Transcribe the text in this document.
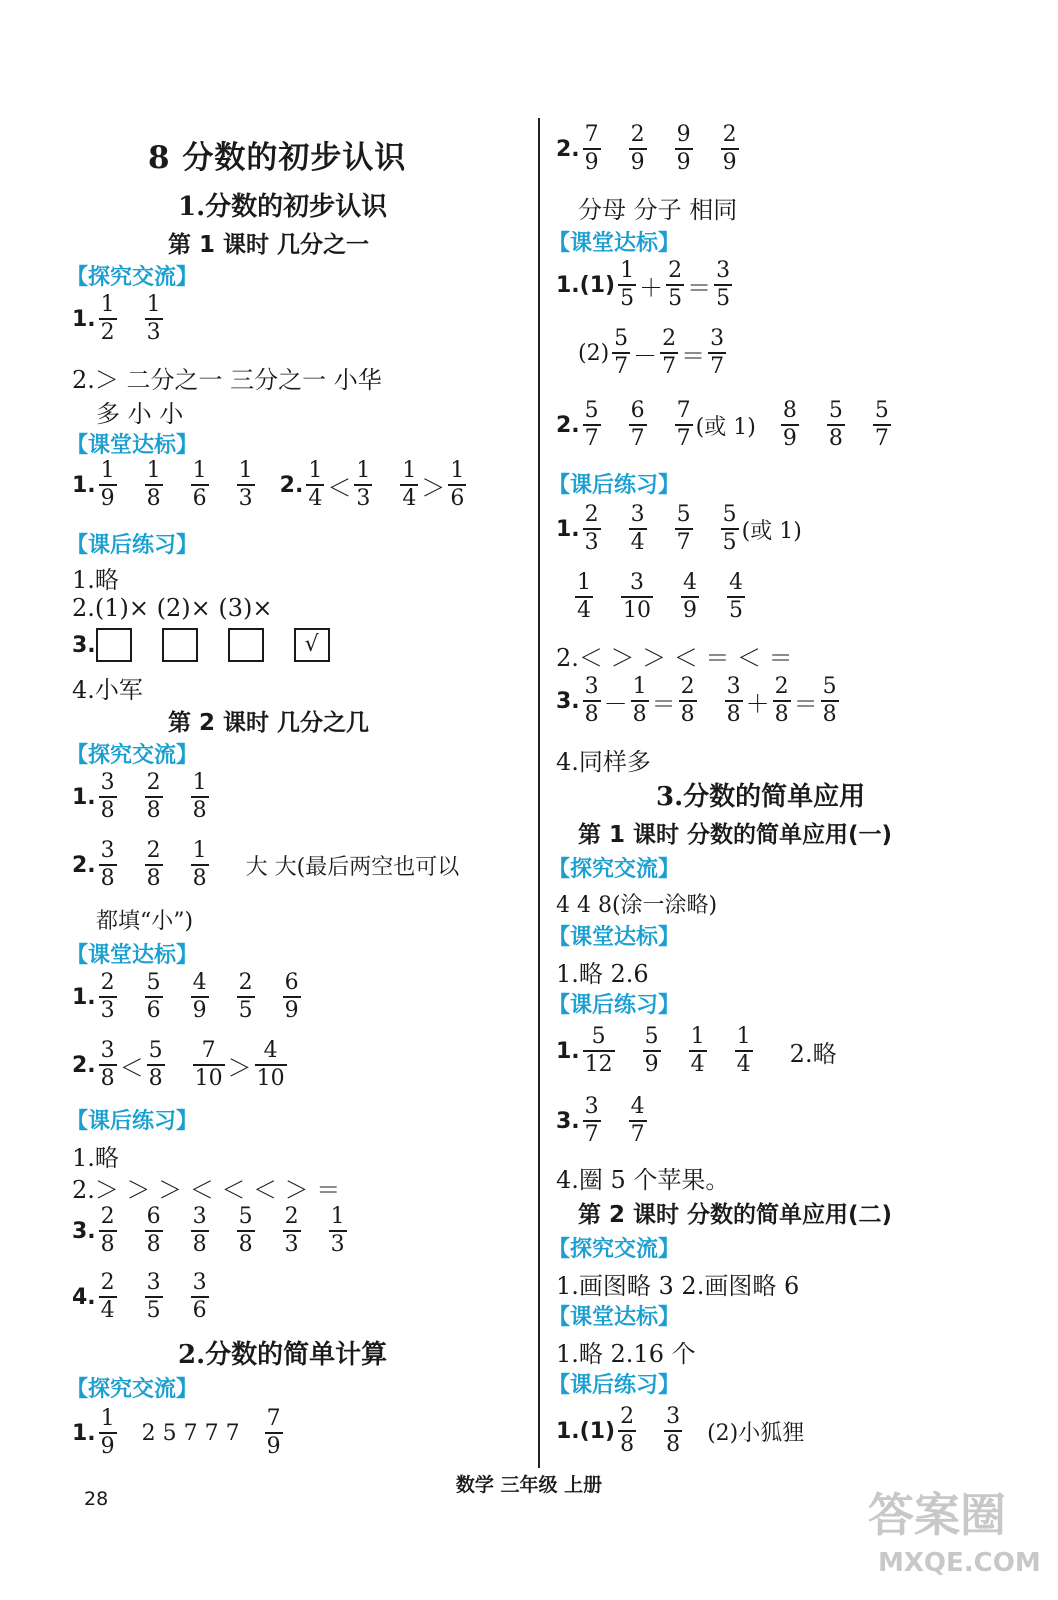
8 分数的初步认识
1.分数的初步认识
第 1 课时 几分之一
【探究交流】
1. $\frac{1}{2} \frac{1}{3}$
2.＞ 二分之一 三分之一 小华
多 小 小
【课堂达标】
1. $\frac{1}{9} \frac{1}{8} \frac{1}{6} \frac{1}{3} 2$. $\frac{1}{4} < \frac{1}{3} \frac{1}{4} > \frac{1}{6}$
【课后练习】
1.略
2.(1)× (2)× (3)×
3.	√
4.小军
第 2 课时 几分之几
【探究交流】
1. $\frac{3}{8} \frac{2}{8} \frac{1}{8}$
2. $\frac{3}{8} \frac{2}{8} \frac{1}{8}$ 大 大(最后两空也可以
都填“小”)
【课堂达标】
1. $\frac{2}{3} \frac{5}{6} \frac{4}{9} \frac{2}{5} \frac{6}{9}$
2. $\frac{3}{8} < \frac{5}{8} \frac{7}{10} > \frac{4}{10}$
【课后练习】
1.略
2.＞ ＞ ＞ ＜ ＜ ＜ ＞ ＝
3. $\frac{2}{8} \frac{6}{8} \frac{3}{8} \frac{5}{8} \frac{2}{3} \frac{1}{3}$
4. $\frac{2}{4} \frac{3}{5} \frac{3}{6}$
2.分数的简单计算
【探究交流】
1. $\frac{1}{9} 2$ 5 7 7 $7 \frac{7}{9}$
2. $\frac{7}{9} \frac{2}{9} \frac{9}{9} \frac{2}{9}$
分母 分子 相同
【课堂达标】
$1.(1) \frac{1}{5} + \frac{2}{5} = \frac{3}{5}$
$(2) \frac{5}{7} - \frac{2}{7} = \frac{3}{7}$
2. $\frac{5}{7} \frac{6}{7} \frac{7}{7}$ (或 $1) \frac{8}{9} \frac{5}{8} \frac{5}{7}$
【课后练习】
1. $\frac{2}{3} \frac{3}{4} \frac{5}{7} \frac{5}{5}$ (或 1)
$\frac{1}{4} \frac{3}{10} \frac{4}{9} \frac{4}{5}$
2.＜ ＞ ＞ ＜ ＝ ＜ ＝
3. $\frac{3}{8} - \frac{1}{8} = \frac{2}{8} \frac{3}{8} + \frac{2}{8} = \frac{5}{8}$
4.同样多
3.分数的简单应用
第 1 课时 分数的简单应用(一)
【探究交流】
4 4 8(涂一涂略)
【课堂达标】
1.略 2.6
【课后练习】
1. $\frac{5}{12} \frac{5}{9} \frac{1}{4} \frac{1}{4} 2$.略
3. $\frac{3}{7} \frac{4}{7}$
4.圈 5 个苹果。
第 2 课时 分数的简单应用(二)
【探究交流】
1.画图略 3 2.画图略 6
【课堂达标】
1.略 2.16 个
【课后练习】
$1.(1) \frac{2}{8} \frac{3}{8} (2)$小狐狸
数学 三年级 上册
28	答案圈
MXQE.COM
